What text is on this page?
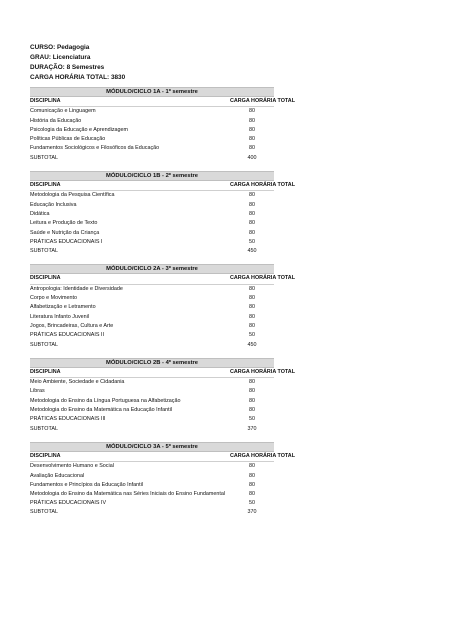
CURSO: Pedagogia
GRAU: Licenciatura
DURAÇÃO: 8 Semestres
CARGA HORÁRIA TOTAL: 3830
MÓDULO/CICLO 1A - 1º semestre
DISCIPLINA	CARGA HORÁRIA TOTAL
Comunicação e Linguagem	80
História da Educação	80
Psicologia da Educação e Aprendizagem	80
Políticas Públicas de Educação	80
Fundamentos Sociológicos e Filosóficos da Educação	80
SUBTOTAL	400
MÓDULO/CICLO 1B - 2º semestre
DISCIPLINA	CARGA HORÁRIA TOTAL
Metodologia da Pesquisa Científica	80
Educação Inclusiva	80
Didática	80
Leitura e Produção de Texto	80
Saúde e Nutrição da Criança	80
PRÁTICAS EDUCACIONAIS I	50
SUBTOTAL	450
MÓDULO/CICLO 2A - 3º semestre
DISCIPLINA	CARGA HORÁRIA TOTAL
Antropologia: Identidade e Diversidade	80
Corpo e Movimento	80
Alfabetização e Letramento	80
Literatura Infanto Juvenil	80
Jogos, Brincadeiras, Cultura e Arte	80
PRÁTICAS EDUCACIONAIS II	50
SUBTOTAL	450
MÓDULO/CICLO 2B - 4º semestre
DISCIPLINA	CARGA HORÁRIA TOTAL
Meio Ambiente, Sociedade e Cidadania	80
Libras	80
Metodologia do Ensino da Língua Portuguesa na Alfabetização	80
Metodologia do Ensino da Matemática na Educação Infantil	80
PRÁTICAS EDUCACIONAIS III	50
SUBTOTAL	370
MÓDULO/CICLO 3A - 5º semestre
DISCIPLINA	CARGA HORÁRIA TOTAL
Desenvolvimento Humano e Social	80
Avaliação Educacional	80
Fundamentos e Princípios da Educação Infantil	80
Metodologia do Ensino da Matemática nas Séries Iniciais do Ensino Fundamental	80
PRÁTICAS EDUCACIONAIS IV	50
SUBTOTAL	370
